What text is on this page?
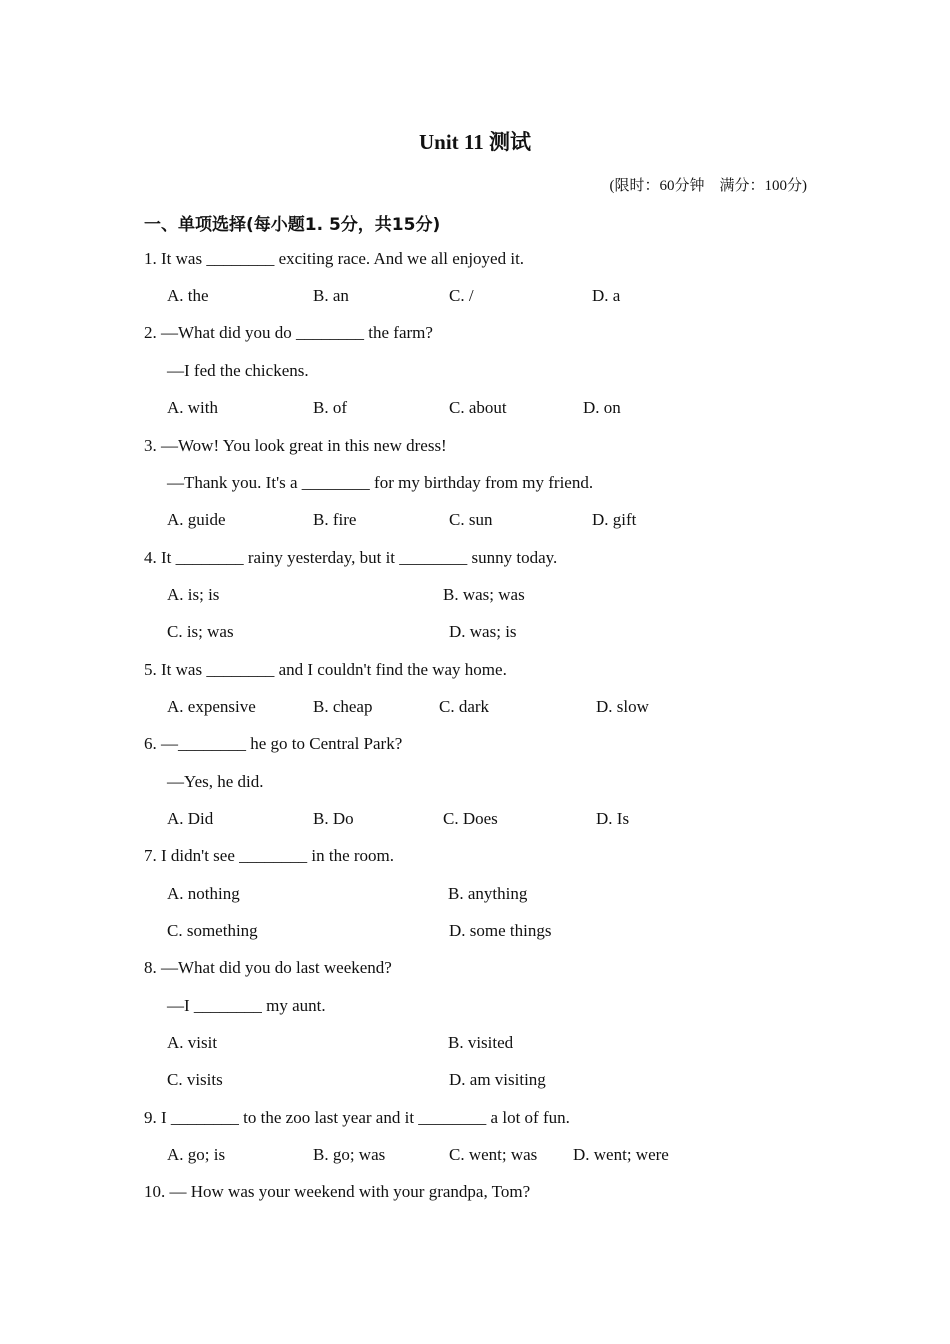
Unit 11 测试
(限时：60分钟    满分：100分)
一、单项选择(每小题1. 5分，共15分)
1. It was ________ exciting race. And we all enjoyed it.
A. the	B. an	C. /	D. a
2. —What did you do ________ the farm?
—I fed the chickens.
A. with	B. of	C. about	D. on
3. —Wow! You look great in this new dress!
—Thank you. It's a ________ for my birthday from my friend.
A. guide	B. fire	C. sun	D. gift
4. It ________ rainy yesterday, but it ________ sunny today.
A. is; is	B. was; was
C. is; was	D. was; is
5. It was ________ and I couldn't find the way home.
A. expensive	B. cheap	C. dark	D. slow
6. —________ he go to Central Park?
—Yes, he did.
A. Did	B. Do	C. Does	D. Is
7. I didn't see ________ in the room.
A. nothing	B. anything
C. something	D. some things
8. —What did you do last weekend?
—I ________ my aunt.
A. visit	B. visited
C. visits	D. am visiting
9. I ________ to the zoo last year and it ________ a lot of fun.
A. go; is	B. go; was	C. went; was D. went; were
10. — How was your weekend with your grandpa, Tom?
